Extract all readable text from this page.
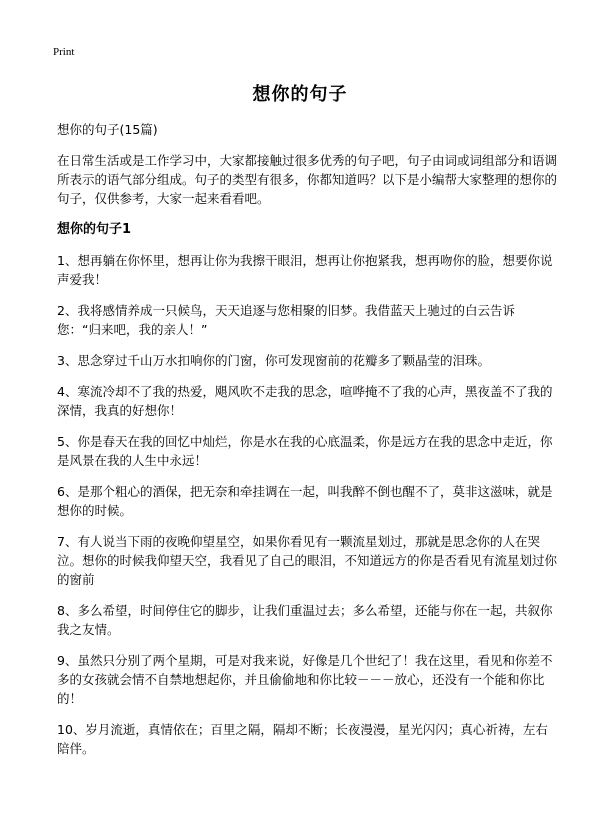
Print
想你的句子

想你的句子(15篇)

在日常生活或是工作学习中，大家都接触过很多优秀的句子吧，句子由词或词组部分和语调所表示的语气部分组成。句子的类型有很多，你都知道吗？以下是小编帮大家整理的想你的句子，仅供参考，大家一起来看看吧。

想你的句子1

1、想再躺在你怀里，想再让你为我擦干眼泪，想再让你抱紧我，想再吻你的脸，想要你说声爱我！

2、我将感情养成一只候鸟，天天追逐与您相聚的旧梦。我借蓝天上驰过的白云告诉您：“归来吧，我的亲人！”

3、思念穿过千山万水扣响你的门窗，你可发现窗前的花瓣多了颗晶莹的泪珠。

4、寒流冷却不了我的热爱，飓风吹不走我的思念，喧哗掩不了我的心声，黑夜盖不了我的深情，我真的好想你！

5、你是春天在我的回忆中灿烂，你是水在我的心底温柔，你是远方在我的思念中走近，你是风景在我的人生中永远！

6、是那个粗心的酒保，把无奈和牵挂调在一起，叫我醉不倒也醒不了，莫非这滋味，就是想你的时候。

7、有人说当下雨的夜晚仰望星空，如果你看见有一颗流星划过，那就是思念你的人在哭泣。想你的时候我仰望天空，我看见了自己的眼泪，不知道远方的你是否看见有流星划过你的窗前

8、多么希望，时间停住它的脚步，让我们重温过去；多么希望，还能与你在一起，共叙你我之友情。

9、虽然只分别了两个星期，可是对我来说，好像是几个世纪了！我在这里，看见和你差不多的女孩就会情不自禁地想起你，并且偷偷地和你比较－－－放心，还没有一个能和你比的！

10、岁月流逝，真情依在；百里之隔，隔却不断；长夜漫漫，星光闪闪；真心祈祷，左右陪伴。
